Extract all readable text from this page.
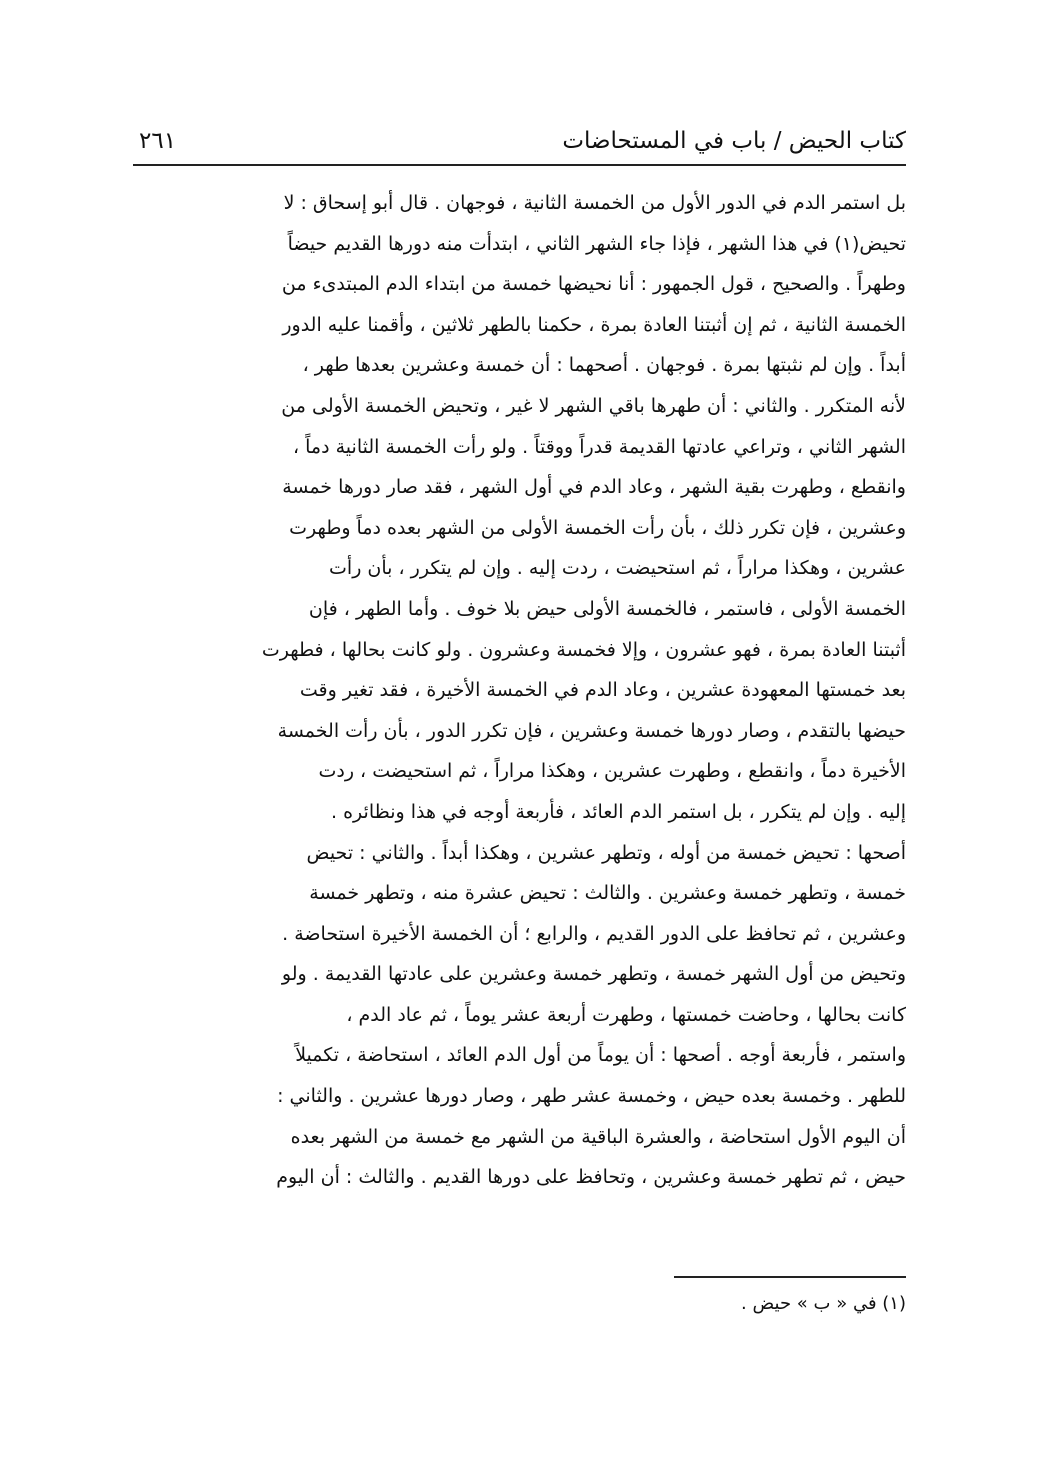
كتاب الحيض / باب في المستحاضات
٢٦١
بل استمر الدم في الدور الأول من الخمسة الثانية ، فوجهان . قال أبو إسحاق : لا
تحيض(١) في هذا الشهر ، فإذا جاء الشهر الثاني ، ابتدأت منه دورها القديم حيضاً
وطهراً . والصحيح ، قول الجمهور : أنا نحيضها خمسة من ابتداء الدم المبتدىء من
الخمسة الثانية ، ثم إن أثبتنا العادة بمرة ، حكمنا بالطهر ثلاثين ، وأقمنا عليه الدور
أبداً . وإن لم نثبتها بمرة . فوجهان . أصحهما : أن خمسة وعشرين بعدها طهر ،
لأنه المتكرر . والثاني : أن طهرها باقي الشهر لا غير ، وتحيض الخمسة الأولى من
الشهر الثاني ، وتراعي عادتها القديمة قدراً ووقتاً . ولو رأت الخمسة الثانية دماً ،
وانقطع ، وطهرت بقية الشهر ، وعاد الدم في أول الشهر ، فقد صار دورها خمسة
وعشرين ، فإن تكرر ذلك ، بأن رأت الخمسة الأولى من الشهر بعده دماً وطهرت
عشرين ، وهكذا مراراً ، ثم استحيضت ، ردت إليه . وإن لم يتكرر ، بأن رأت
الخمسة الأولى ، فاستمر ، فالخمسة الأولى حيض بلا خوف . وأما الطهر ، فإن
أثبتنا العادة بمرة ، فهو عشرون ، وإلا فخمسة وعشرون . ولو كانت بحالها ، فطهرت
بعد خمستها المعهودة عشرين ، وعاد الدم في الخمسة الأخيرة ، فقد تغير وقت
حيضها بالتقدم ، وصار دورها خمسة وعشرين ، فإن تكرر الدور ، بأن رأت الخمسة
الأخيرة دماً ، وانقطع ، وطهرت عشرين ، وهكذا مراراً ، ثم استحيضت ، ردت
إليه . وإن لم يتكرر ، بل استمر الدم العائد ، فأربعة أوجه في هذا ونظائره .
أصحها : تحيض خمسة من أوله ، وتطهر عشرين ، وهكذا أبداً . والثاني : تحيض
خمسة ، وتطهر خمسة وعشرين . والثالث : تحيض عشرة منه ، وتطهر خمسة
وعشرين ، ثم تحافظ على الدور القديم ، والرابع ؛ أن الخمسة الأخيرة استحاضة .
وتحيض من أول الشهر خمسة ، وتطهر خمسة وعشرين على عادتها القديمة . ولو
كانت بحالها ، وحاضت خمستها ، وطهرت أربعة عشر يوماً ، ثم عاد الدم ،
واستمر ، فأربعة أوجه . أصحها : أن يوماً من أول الدم العائد ، استحاضة ، تكميلاً
للطهر . وخمسة بعده حيض ، وخمسة عشر طهر ، وصار دورها عشرين . والثاني :
أن اليوم الأول استحاضة ، والعشرة الباقية من الشهر مع خمسة من الشهر بعده
حيض ، ثم تطهر خمسة وعشرين ، وتحافظ على دورها القديم . والثالث : أن اليوم
(١) في « ب » حيض .
